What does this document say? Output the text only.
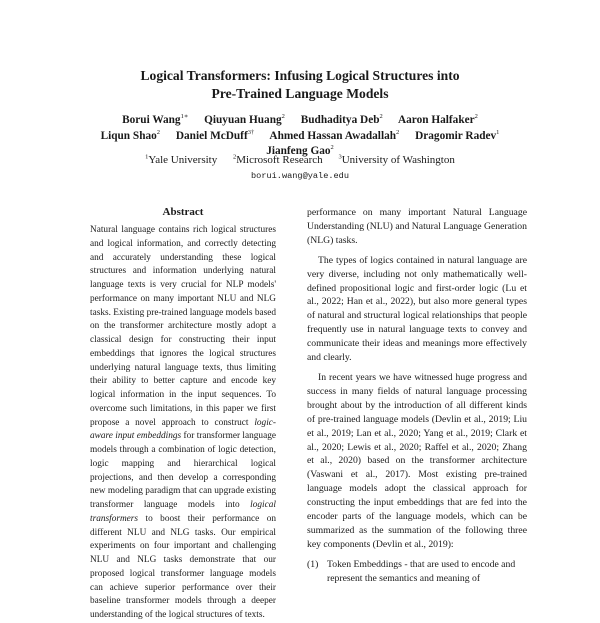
Logical Transformers: Infusing Logical Structures into
Pre-Trained Language Models
Borui Wang$^{1∗}$ Qiuyuan Huang$^2$ Budhaditya Deb$^2$ Aaron Halfaker$^2$
Liqun Shao$^2$ Daniel McDuff$^{3\dagger}$ Ahmed Hassan Awadallah$^2$ Dragomir Radev$^1$
Jianfeng Gao$^2$
$^1$Yale University $^2$Microsoft Research $^3$University of Washington
borui.wang@yale.edu
Abstract
Natural language contains rich logical structures and logical information, and correctly detecting and accurately understanding these logical structures and information underlying natural language texts is very crucial for NLP models' performance on many important NLU and NLG tasks. Existing pre-trained language models based on the transformer architecture mostly adopt a classical design for constructing their input embeddings that ignores the logical structures underlying natural language texts, thus limiting their ability to better capture and encode key logical information in the input sequences. To overcome such limitations, in this paper we first propose a novel approach to construct logic-aware input embeddings for transformer language models through a combination of logic detection, logic mapping and hierarchical logical projections, and then develop a corresponding new modeling paradigm that can upgrade existing transformer language models into logical transformers to boost their performance on different NLU and NLG tasks. Our empirical experiments on four important and challenging NLU and NLG tasks demonstrate that our proposed logical transformer language models can achieve superior performance over their baseline transformer models through a deeper understanding of the logical structures of texts.

performance on many important Natural Language Understanding (NLU) and Natural Language Generation (NLG) tasks.

The types of logics contained in natural language are very diverse, including not only mathematically well-defined propositional logic and first-order logic (Lu et al., 2022; Han et al., 2022), but also more general types of natural and structural logical relationships that people frequently use in natural language texts to convey and communicate their ideas and meanings more effectively and clearly.

In recent years we have witnessed huge progress and success in many fields of natural language processing brought about by the introduction of all different kinds of pre-trained language models (Devlin et al., 2019; Liu et al., 2019; Lan et al., 2020; Yang et al., 2019; Clark et al., 2020; Lewis et al., 2020; Raffel et al., 2020; Zhang et al., 2020) based on the transformer architecture (Vaswani et al., 2017). Most existing pre-trained language models adopt the classical approach for constructing the input embeddings that are fed into the encoder parts of the language models, which can be summarized as the summation of the following three key components (Devlin et al., 2019):

(1) Token Embeddings - that are used to encode and represent the semantics and meaning of
